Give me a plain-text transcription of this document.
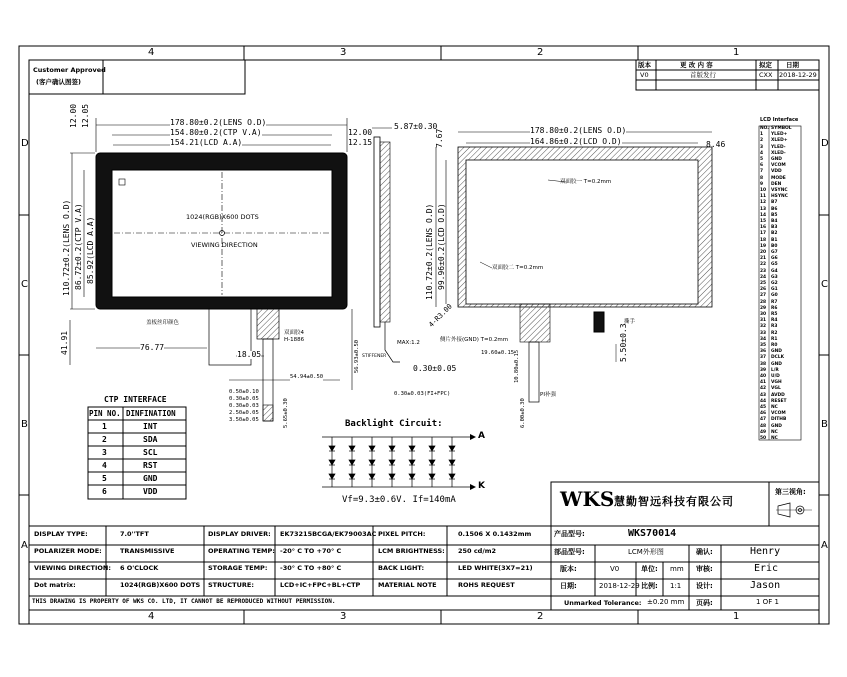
4	3	2	1
4	3	2	1
D
C
B
A
D
C
B
A
Customer Approved
(客户确认图签)
版本	更 改 内 容	拟定 日期
V0	首版发行	CXX 2018-12-29
178.80±0.2(LENS O.D)
154.80±0.2(CTP V.A)
154.21(LCD A.A)
12.00
12.15
12.00 12.05
110.72±0.2(LENS O.D) 86.72±0.2(CTP V.A) 85.92(LCD A.A)	1024(RGB)X600 DOTS
VIEWING DIRECTION
盖板丝印颜色
41.91	76.77
18.05
54.94±0.50
56.93±0.50
双面胶4
H-1886
0.50±0.10
0.30±0.05
0.30±0.03
2.50±0.05
3.50±0.05	5.65±0.30
5.87±0.30
MAX:1.2
STIFFENER
0.30±0.05
0.30±0.03(FI+FPC)
178.80±0.2(LENS O.D)
164.86±0.2(LCD O.D)	8.46
7.67
110.72±0.2(LENS O.D) 99.96±0.2(LCD O.D)
双面胶一 T=0.2mm
双面胶二 T=0.2mm
4-R3.00
侧片外接(GND) T=0.2mm
19.60±0.15	5.50±0.3
撕手
PI补强
10.80±0.15
6.00±0.30
CTP INTERFACE
PIN NO. DINFINATION
1	INT
2	SDA
3	SCL
4	RST
5	GND
6	VDD
Backlight Circuit:
A
K
Vf=9.3±0.6V. If=140mA
LCD Interface
NO. SYMBOL
1 YLED+
2 XLED+
3 YLED-
4 XLED-
5 GND
6 VCOM
7 VDD
8 MODE
9 DEN
10 VSYNC
11 HSYNC
12 B7
13 B6
14 B5
15 B4
16 B3
17 B2
18 B1
19 B0
20 G7
21 G6
22 G5
23 G4
24 G3
25 G2
26 G1
27 G0
28 R7
29 R6
30 R5
31 R4
32 R3
33 R2
34 R1
35 R0
36 GND
37 DCLK
38 GND
39 L/R
40 U/D
41 VGH
42 VGL
43 AVDD
44 RESET
45 NC
46 VCOM
47 DITHB
48 GND
49 NC
50 NC
WKS 慧勤智远科技有限公司
第三视角:
DISPLAY TYPE:	7.0''TFT	DISPLAY DRIVER: EK73215BCGA/EK79003AC PIXEL PITCH:	0.1506 X 0.1432mm
POLARIZER MODE:	TRANSMISSIVE	OPERATING TEMP: -20° C TO +70° C	LCM BRIGHTNESS: 250 cd/m2
VIEWING DIRECTION: 6 O'CLOCK	STORAGE TEMP: -30° C TO +80° C	BACK LIGHT:	LED WHITE(3X7=21)
Dot matrix:	1024(RGB)X600 DOTS STRUCTURE:	LCD+IC+FPC+BL+CTP	MATERIAL NOTE	ROHS REQUEST
THIS DRAWING IS PROPERTY OF WKS CO. LTD, IT CANNOT BE REPRODUCED WITHOUT PERMISSION.
产品型号:	WKS70014
部品型号:	LCM外形图	确认:	Henry
版本:	V0	单位: mm 审核:	Eric
日期:	2018-12-29 比例: 1:1 设计:	Jason
Unmarked Tolerance: ±0.20 mm 页码:	1 OF 1
